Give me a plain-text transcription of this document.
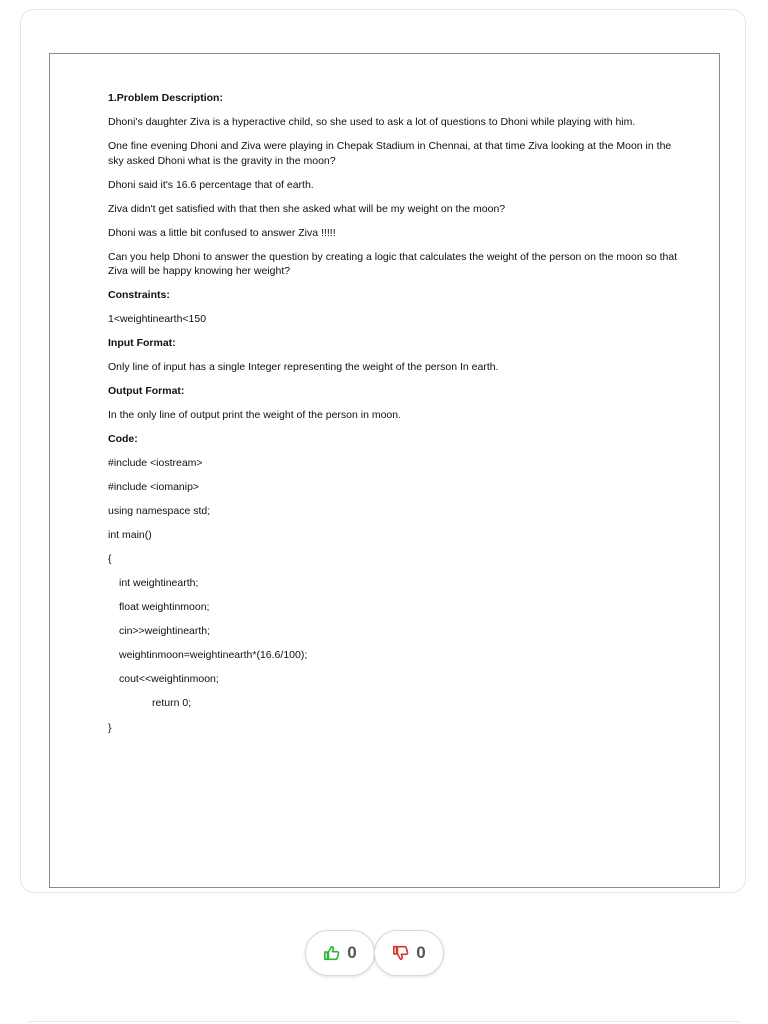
1.Problem Description:

Dhoni's daughter Ziva is a hyperactive child, so she used to ask a lot of questions to Dhoni while playing with him.

One fine evening Dhoni and Ziva were playing in Chepak Stadium in Chennai, at that time Ziva looking at the Moon in the sky asked Dhoni what is the gravity in the moon?

Dhoni said it's 16.6 percentage that of earth.

Ziva didn't get satisfied with that then she asked what will be my weight on the moon?

Dhoni was a little bit confused to answer Ziva !!!!!

Can you help Dhoni to answer the question by creating a logic that calculates the weight of the person on the moon so that Ziva will be happy knowing her weight?

Constraints:

1<weightinearth<150

Input Format:

Only line of input has a single Integer representing the weight of the person In earth.

Output Format:

In the only line of output print the weight of the person in moon.

Code:

#include <iostream>

#include <iomanip>

using namespace std;

int main()

{

int weightinearth;

float weightinmoon;

cin>>weightinearth;

weightinmoon=weightinearth*(16.6/100);

cout<<weightinmoon;

return 0;

}

0	0
